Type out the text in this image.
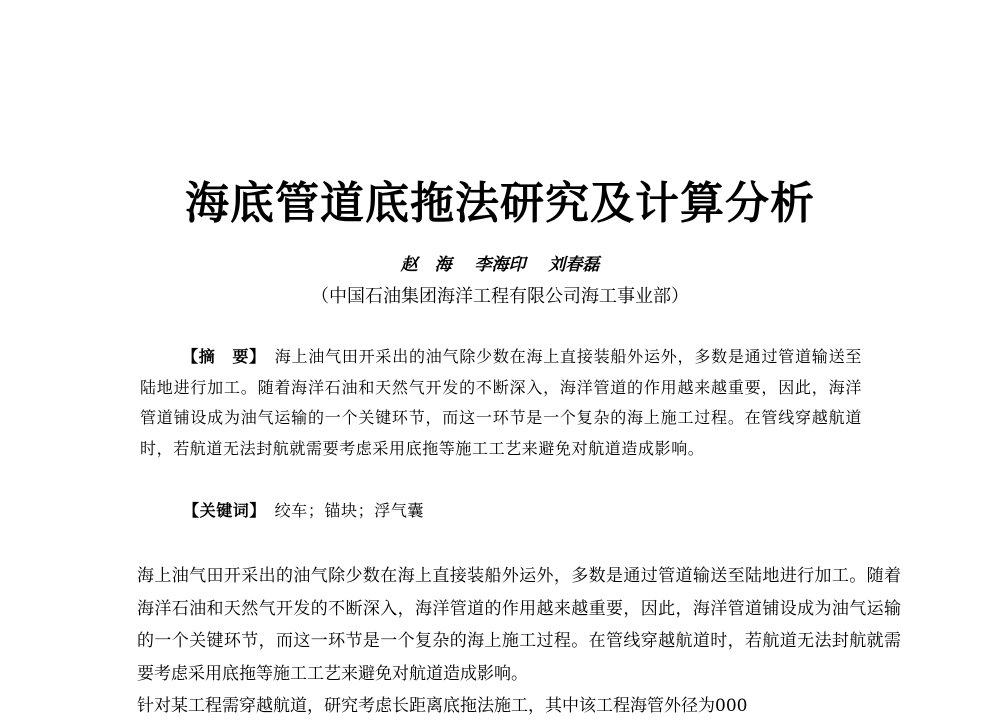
海底管道底拖法研究及计算分析
赵　海　 李海印　 刘春磊
（中国石油集团海洋工程有限公司海工事业部）
【摘　要】　 海上油气田开采出的油气除少数在海上直接装船外运外，多数是通过管道输送至陆地进行加工。随着海洋石油和天然气开发的不断深入，海洋管道的作用越来越重要，因此，海洋管道铺设成为油气运输的一个关键环节，而这一环节是一个复杂的海上施工过程。在管线穿越航道时，若航道无法封航就需要考虑采用底拖等施工工艺来避免对航道造成影响。
【关键词】　 绞车；锚块；浮气囊

海上油气田开采出的油气除少数在海上直接装船外运外，多数是通过管道输送至陆地进行加工。随着海洋石油和天然气开发的不断深入，海洋管道的作用越来越重要，因此，海洋管道铺设成为油气运输的一个关键环节，而这一环节是一个复杂的海上施工过程。在管线穿越航道时，若航道无法封航就需要考虑采用底拖等施工工艺来避免对航道造成影响。

针对某工程需穿越航道，研究考虑长距离底拖法施工，其中该工程海管外径为000
